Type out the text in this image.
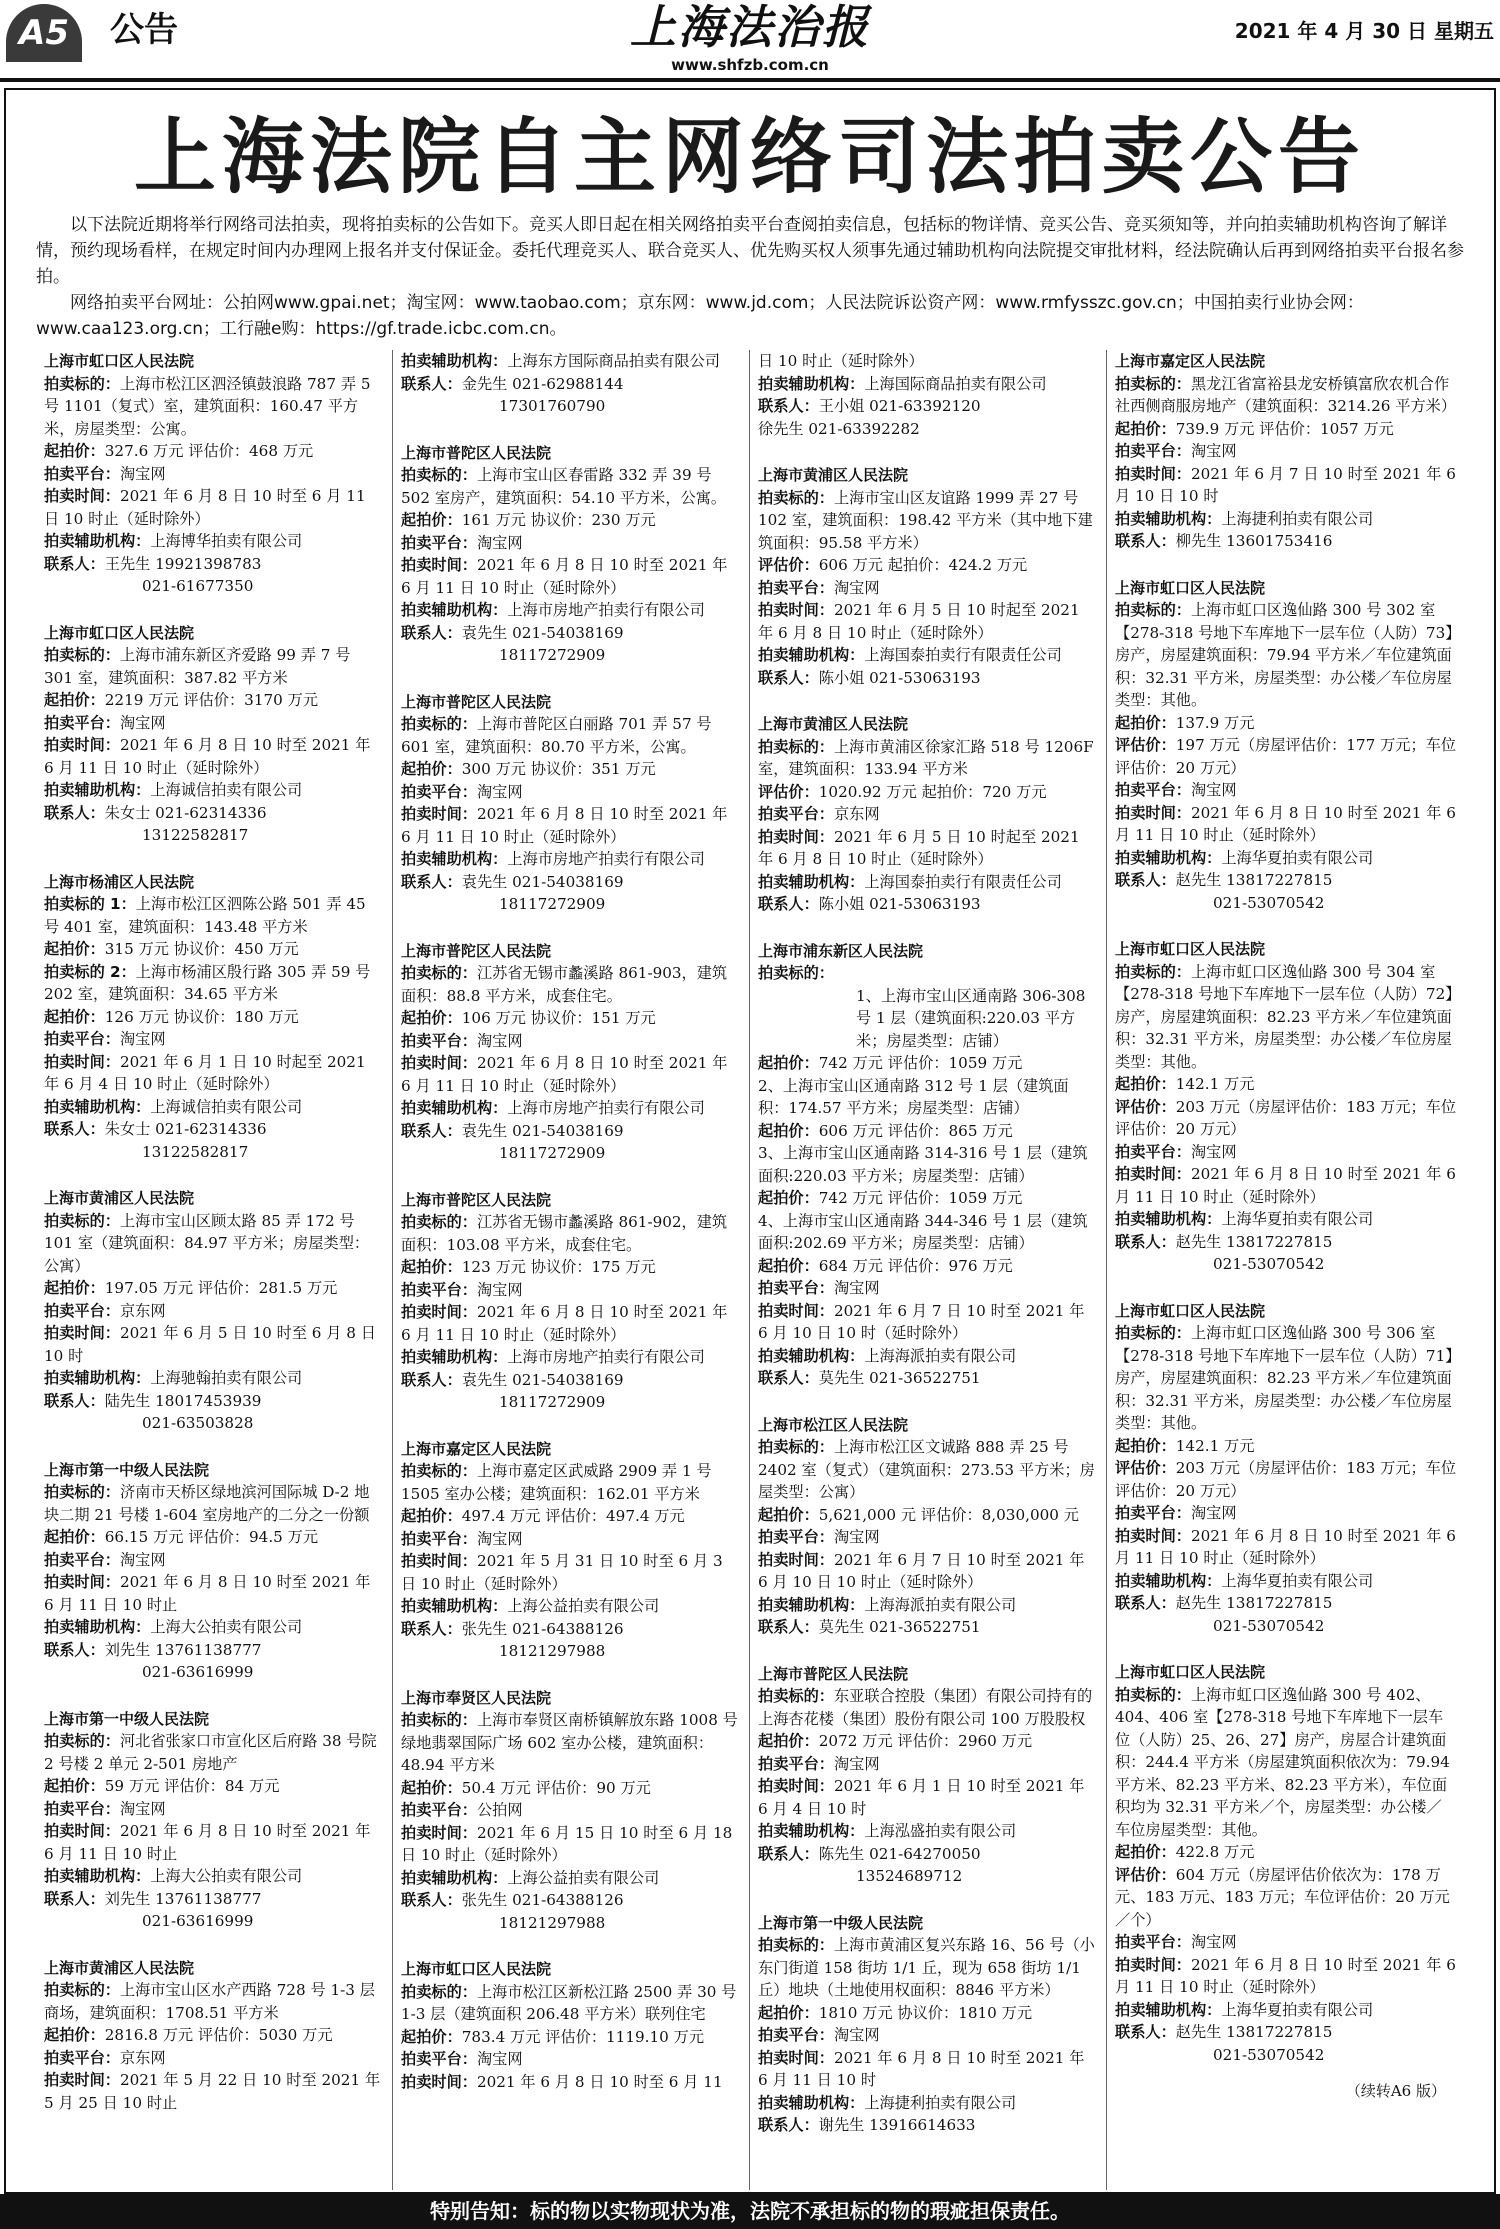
A5	公告	上海法治报
www.shfzb.com.cn
2021 年 4 月 30 日 星期五
上海法院自主网络司法拍卖公告

以下法院近期将举行网络司法拍卖，现将拍卖标的公告如下。竞买人即日起在相关网络拍卖平台查阅拍卖信息，包括标的物详情、竞买公告、竞买须知等，并向拍卖辅助机构咨询了解详情，预约现场看样，在规定时间内办理网上报名并支付保证金。委托代理竞买人、联合竞买人、优先购买权人须事先通过辅助机构向法院提交审批材料，经法院确认后再到网络拍卖平台报名参拍。

网络拍卖平台网址：公拍网www.gpai.net；淘宝网：www.taobao.com；京东网：www.jd.com；人民法院诉讼资产网：www.rmfysszc.gov.cn；中国拍卖行业协会网：www.caa123.org.cn；工行融e购：https://gf.trade.icbc.com.cn。

上海市虹口区人民法院
拍卖标的：上海市松江区泗泾镇鼓浪路 787 弄 5 号 1101（复式）室，建筑面积：160.47 平方米，房屋类型：公寓。
起拍价：327.6 万元 评估价：468 万元
拍卖平台：淘宝网
拍卖时间：2021 年 6 月 8 日 10 时至 6 月 11 日 10 时止（延时除外）
拍卖辅助机构：上海博华拍卖有限公司
联系人：王先生 19921398783
021-61677350
上海市虹口区人民法院
拍卖标的：上海市浦东新区齐爱路 99 弄 7 号 301 室，建筑面积：387.82 平方米
起拍价：2219 万元 评估价：3170 万元
拍卖平台：淘宝网
拍卖时间：2021 年 6 月 8 日 10 时至 2021 年 6 月 11 日 10 时止（延时除外）
拍卖辅助机构：上海诚信拍卖有限公司
联系人：朱女士 021-62314336
13122582817
上海市杨浦区人民法院
拍卖标的 1：上海市松江区泗陈公路 501 弄 45 号 401 室，建筑面积：143.48 平方米
起拍价：315 万元 协议价：450 万元
拍卖标的 2：上海市杨浦区殷行路 305 弄 59 号 202 室，建筑面积：34.65 平方米
起拍价：126 万元 协议价：180 万元
拍卖平台：淘宝网
拍卖时间：2021 年 6 月 1 日 10 时起至 2021 年 6 月 4 日 10 时止（延时除外）
拍卖辅助机构：上海诚信拍卖有限公司
联系人：朱女士 021-62314336
13122582817
上海市黄浦区人民法院
拍卖标的：上海市宝山区顾太路 85 弄 172 号 101 室（建筑面积：84.97 平方米；房屋类型：公寓）
起拍价：197.05 万元 评估价：281.5 万元
拍卖平台：京东网
拍卖时间：2021 年 6 月 5 日 10 时至 6 月 8 日 10 时
拍卖辅助机构：上海驰翰拍卖有限公司
联系人：陆先生 18017453939
021-63503828
上海市第一中级人民法院
拍卖标的：济南市天桥区绿地滨河国际城 D-2 地块二期 21 号楼 1-604 室房地产的二分之一份额
起拍价：66.15 万元 评估价：94.5 万元
拍卖平台：淘宝网
拍卖时间：2021 年 6 月 8 日 10 时至 2021 年 6 月 11 日 10 时止
拍卖辅助机构：上海大公拍卖有限公司
联系人：刘先生 13761138777
021-63616999
上海市第一中级人民法院
拍卖标的：河北省张家口市宣化区后府路 38 号院 2 号楼 2 单元 2-501 房地产
起拍价：59 万元 评估价：84 万元
拍卖平台：淘宝网
拍卖时间：2021 年 6 月 8 日 10 时至 2021 年 6 月 11 日 10 时止
拍卖辅助机构：上海大公拍卖有限公司
联系人：刘先生 13761138777
021-63616999
上海市黄浦区人民法院
拍卖标的：上海市宝山区水产西路 728 号 1-3 层商场，建筑面积：1708.51 平方米
起拍价：2816.8 万元 评估价：5030 万元
拍卖平台：京东网
拍卖时间：2021 年 5 月 22 日 10 时至 2021 年 5 月 25 日 10 时止
拍卖辅助机构：上海东方国际商品拍卖有限公司
联系人：金先生 021-62988144
17301760790
上海市普陀区人民法院
拍卖标的：上海市宝山区春雷路 332 弄 39 号 502 室房产，建筑面积：54.10 平方米，公寓。
起拍价：161 万元 协议价：230 万元
拍卖平台：淘宝网
拍卖时间：2021 年 6 月 8 日 10 时至 2021 年 6 月 11 日 10 时止（延时除外）
拍卖辅助机构：上海市房地产拍卖行有限公司
联系人：袁先生 021-54038169
18117272909
上海市普陀区人民法院
拍卖标的：上海市普陀区白丽路 701 弄 57 号 601 室，建筑面积：80.70 平方米，公寓。
起拍价：300 万元 协议价：351 万元
拍卖平台：淘宝网
拍卖时间：2021 年 6 月 8 日 10 时至 2021 年 6 月 11 日 10 时止（延时除外）
拍卖辅助机构：上海市房地产拍卖行有限公司
联系人：袁先生 021-54038169
18117272909
上海市普陀区人民法院
拍卖标的：江苏省无锡市蠡溪路 861-903，建筑面积：88.8 平方米，成套住宅。
起拍价：106 万元 协议价：151 万元
拍卖平台：淘宝网
拍卖时间：2021 年 6 月 8 日 10 时至 2021 年 6 月 11 日 10 时止（延时除外）
拍卖辅助机构：上海市房地产拍卖行有限公司
联系人：袁先生 021-54038169
18117272909
上海市普陀区人民法院
拍卖标的：江苏省无锡市蠡溪路 861-902，建筑面积：103.08 平方米，成套住宅。
起拍价：123 万元 协议价：175 万元
拍卖平台：淘宝网
拍卖时间：2021 年 6 月 8 日 10 时至 2021 年 6 月 11 日 10 时止（延时除外）
拍卖辅助机构：上海市房地产拍卖行有限公司
联系人：袁先生 021-54038169
18117272909
上海市嘉定区人民法院
拍卖标的：上海市嘉定区武威路 2909 弄 1 号 1505 室办公楼；建筑面积：162.01 平方米
起拍价：497.4 万元 评估价：497.4 万元
拍卖平台：淘宝网
拍卖时间：2021 年 5 月 31 日 10 时至 6 月 3 日 10 时止（延时除外）
拍卖辅助机构：上海公益拍卖有限公司
联系人：张先生 021-64388126
18121297988
上海市奉贤区人民法院
拍卖标的：上海市奉贤区南桥镇解放东路 1008 号绿地翡翠国际广场 602 室办公楼，建筑面积：48.94 平方米
起拍价：50.4 万元 评估价：90 万元
拍卖平台：公拍网
拍卖时间：2021 年 6 月 15 日 10 时至 6 月 18 日 10 时止（延时除外）
拍卖辅助机构：上海公益拍卖有限公司
联系人：张先生 021-64388126
18121297988
上海市虹口区人民法院
拍卖标的：上海市松江区新松江路 2500 弄 30 号 1-3 层（建筑面积 206.48 平方米）联列住宅
起拍价：783.4 万元 评估价：1119.10 万元
拍卖平台：淘宝网
拍卖时间：2021 年 6 月 8 日 10 时至 6 月 11
日 10 时止（延时除外）
拍卖辅助机构：上海国际商品拍卖有限公司
联系人：王小姐 021-63392120
徐先生 021-63392282
上海市黄浦区人民法院
拍卖标的：上海市宝山区友谊路 1999 弄 27 号 102 室，建筑面积：198.42 平方米（其中地下建筑面积：95.58 平方米）
评估价：606 万元 起拍价：424.2 万元
拍卖平台：淘宝网
拍卖时间：2021 年 6 月 5 日 10 时起至 2021 年 6 月 8 日 10 时止（延时除外）
拍卖辅助机构：上海国泰拍卖行有限责任公司
联系人：陈小姐 021-53063193
上海市黄浦区人民法院
拍卖标的：上海市黄浦区徐家汇路 518 号 1206F 室，建筑面积：133.94 平方米
评估价：1020.92 万元 起拍价：720 万元
拍卖平台：京东网
拍卖时间：2021 年 6 月 5 日 10 时起至 2021 年 6 月 8 日 10 时止（延时除外）
拍卖辅助机构：上海国泰拍卖行有限责任公司
联系人：陈小姐 021-53063193
上海市浦东新区人民法院
拍卖标的：
1、上海市宝山区通南路 306-308 号 1 层（建筑面积:220.03 平方米；房屋类型：店铺）
起拍价：742 万元 评估价：1059 万元
2、上海市宝山区通南路 312 号 1 层（建筑面积：174.57 平方米；房屋类型：店铺）
起拍价：606 万元 评估价：865 万元
3、上海市宝山区通南路 314-316 号 1 层（建筑面积:220.03 平方米；房屋类型：店铺）
起拍价：742 万元 评估价：1059 万元
4、上海市宝山区通南路 344-346 号 1 层（建筑面积:202.69 平方米；房屋类型：店铺）
起拍价：684 万元 评估价：976 万元
拍卖平台：淘宝网
拍卖时间：2021 年 6 月 7 日 10 时至 2021 年 6 月 10 日 10 时（延时除外）
拍卖辅助机构：上海海派拍卖有限公司
联系人：莫先生 021-36522751
上海市松江区人民法院
拍卖标的：上海市松江区文诚路 888 弄 25 号 2402 室（复式）（建筑面积：273.53 平方米；房屋类型：公寓）
起拍价：5,621,000 元 评估价：8,030,000 元
拍卖平台：淘宝网
拍卖时间：2021 年 6 月 7 日 10 时至 2021 年 6 月 10 日 10 时止（延时除外）
拍卖辅助机构：上海海派拍卖有限公司
联系人：莫先生 021-36522751
上海市普陀区人民法院
拍卖标的：东亚联合控股（集团）有限公司持有的上海杏花楼（集团）股份有限公司 100 万股股权
起拍价：2072 万元 评估价：2960 万元
拍卖平台：淘宝网
拍卖时间：2021 年 6 月 1 日 10 时至 2021 年 6 月 4 日 10 时
拍卖辅助机构：上海泓盛拍卖有限公司
联系人：陈先生 021-64270050
13524689712
上海市第一中级人民法院
拍卖标的：上海市黄浦区复兴东路 16、56 号（小东门街道 158 街坊 1/1 丘，现为 658 街坊 1/1 丘）地块（土地使用权面积：8846 平方米）
起拍价：1810 万元 协议价：1810 万元
拍卖平台：淘宝网
拍卖时间：2021 年 6 月 8 日 10 时至 2021 年 6 月 11 日 10 时
拍卖辅助机构：上海捷利拍卖有限公司
联系人：谢先生 13916614633
上海市嘉定区人民法院
拍卖标的：黑龙江省富裕县龙安桥镇富欣农机合作社西侧商服房地产（建筑面积：3214.26 平方米）
起拍价：739.9 万元 评估价：1057 万元
拍卖平台：淘宝网
拍卖时间：2021 年 6 月 7 日 10 时至 2021 年 6 月 10 日 10 时
拍卖辅助机构：上海捷利拍卖有限公司
联系人：柳先生 13601753416
上海市虹口区人民法院
拍卖标的：上海市虹口区逸仙路 300 号 302 室【278-318 号地下车库地下一层车位（人防）73】房产，房屋建筑面积：79.94 平方米／车位建筑面积：32.31 平方米，房屋类型：办公楼／车位房屋类型：其他。
起拍价：137.9 万元
评估价：197 万元（房屋评估价：177 万元；车位评估价：20 万元）
拍卖平台：淘宝网
拍卖时间：2021 年 6 月 8 日 10 时至 2021 年 6 月 11 日 10 时止（延时除外）
拍卖辅助机构：上海华夏拍卖有限公司
联系人：赵先生 13817227815
021-53070542
上海市虹口区人民法院
拍卖标的：上海市虹口区逸仙路 300 号 304 室【278-318 号地下车库地下一层车位（人防）72】房产，房屋建筑面积：82.23 平方米／车位建筑面积：32.31 平方米，房屋类型：办公楼／车位房屋类型：其他。
起拍价：142.1 万元
评估价：203 万元（房屋评估价：183 万元；车位评估价：20 万元）
拍卖平台：淘宝网
拍卖时间：2021 年 6 月 8 日 10 时至 2021 年 6 月 11 日 10 时止（延时除外）
拍卖辅助机构：上海华夏拍卖有限公司
联系人：赵先生 13817227815
021-53070542
上海市虹口区人民法院
拍卖标的：上海市虹口区逸仙路 300 号 306 室【278-318 号地下车库地下一层车位（人防）71】房产，房屋建筑面积：82.23 平方米／车位建筑面积：32.31 平方米，房屋类型：办公楼／车位房屋类型：其他。
起拍价：142.1 万元
评估价：203 万元（房屋评估价：183 万元；车位评估价：20 万元）
拍卖平台：淘宝网
拍卖时间：2021 年 6 月 8 日 10 时至 2021 年 6 月 11 日 10 时止（延时除外）
拍卖辅助机构：上海华夏拍卖有限公司
联系人：赵先生 13817227815
021-53070542
上海市虹口区人民法院
拍卖标的：上海市虹口区逸仙路 300 号 402、404、406 室【278-318 号地下车库地下一层车位（人防）25、26、27】房产，房屋合计建筑面积：244.4 平方米（房屋建筑面积依次为：79.94 平方米、82.23 平方米、82.23 平方米），车位面积均为 32.31 平方米／个，房屋类型：办公楼／车位房屋类型：其他。
起拍价：422.8 万元
评估价：604 万元（房屋评估价依次为：178 万元、183 万元、183 万元；车位评估价：20 万元／个）
拍卖平台：淘宝网
拍卖时间：2021 年 6 月 8 日 10 时至 2021 年 6 月 11 日 10 时止（延时除外）
拍卖辅助机构：上海华夏拍卖有限公司
联系人：赵先生 13817227815
021-53070542
（续转A6 版）
特别告知：标的物以实物现状为准，法院不承担标的物的瑕疵担保责任。
